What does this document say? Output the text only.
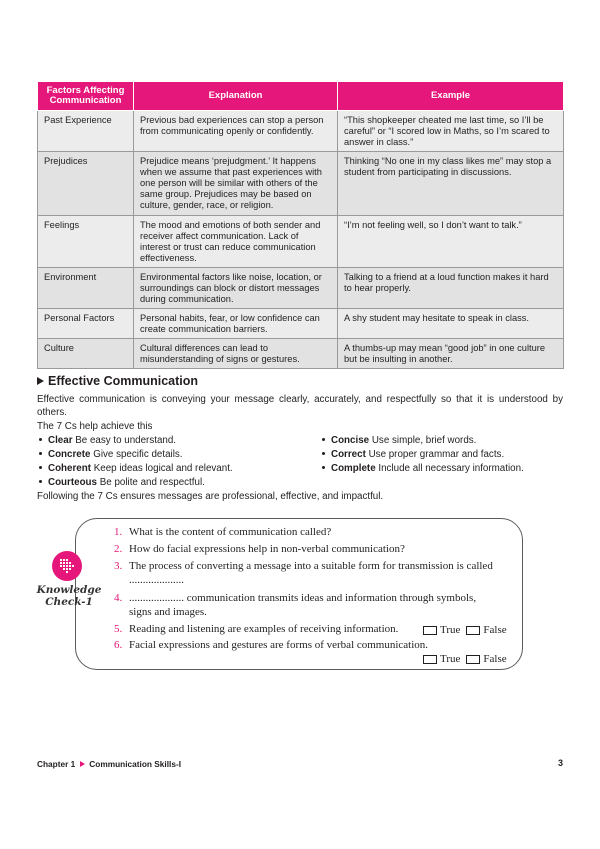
Factors Affecting Communication	Explanation	Example
Past Experience	Previous bad experiences can stop a person from communicating openly or confidently.	“This shopkeeper cheated me last time, so I’ll be careful” or “I scored low in Maths, so I’m scared to answer in class.”
Prejudices	Prejudice means ‘prejudgment.’ It happens when we assume that past experiences with one person will be similar with others of the same group. Prejudices may be based on culture, gender, race, or religion.	Thinking “No one in my class likes me” may stop a student from participating in discussions.
Feelings	The mood and emotions of both sender and receiver affect communication. Lack of interest or trust can reduce communication effectiveness.	“I’m not feeling well, so I don’t want to talk.”
Environment	Environmental factors like noise, location, or surroundings can block or distort messages during communication.	Talking to a friend at a loud function makes it hard to hear properly.
Personal Factors	Personal habits, fear, or low confidence can create communication barriers.	A shy student may hesitate to speak in class.
Culture	Cultural differences can lead to misunderstanding of signs or gestures.	A thumbs-up may mean “good job” in one culture but be insulting in another.
Effective Communication
Effective communication is conveying your message clearly, accurately, and respectfully so that it is understood by others.
The 7 Cs help achieve this
Clear Be easy to understand.
Concrete Give specific details.
Coherent Keep ideas logical and relevant.
Courteous Be polite and respectful.
Concise Use simple, brief words.
Correct Use proper grammar and facts.
Complete Include all necessary information.
Following the 7 Cs ensures messages are professional, effective, and impactful.
Knowledge
Check-1
1. What is the content of communication called?
2. How do facial expressions help in non-verbal communication?
3. The process of converting a message into a suitable form for transmission is called
....................
4. .................... communication transmits ideas and information through symbols,
signs and images.
5. Reading and listening are examples of receiving information.	True False
6. Facial expressions and gestures are forms of verbal communication.
True False
Chapter 1 Communication Skills-I	3
